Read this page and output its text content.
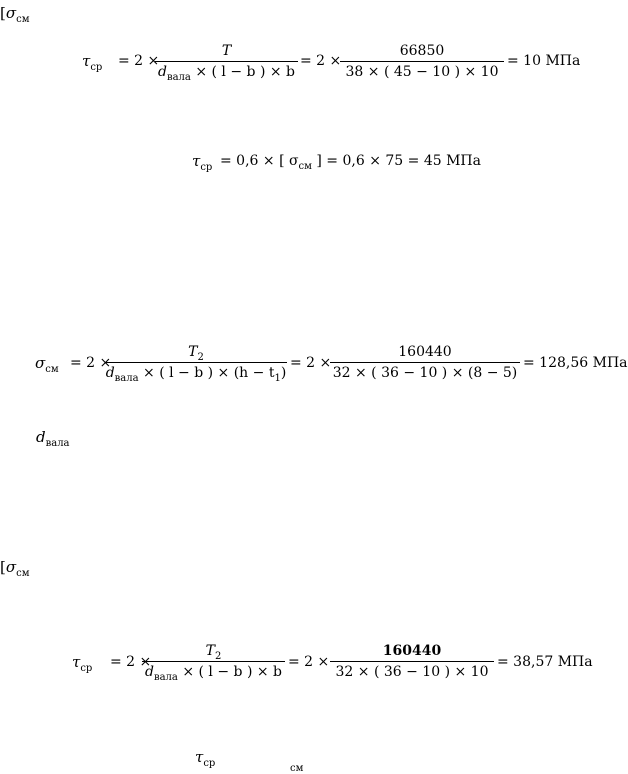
[$\sigma_{см}$
$\tau_{ср} = 2$ ×
T
$d_{вала}$ × ( l − b ) × b
= 2 ×
66850
38 × ( 45 − 10 ) × 10
= 10 МПа
$\tau_{ср} = 0,6$ × [ $\sigma_{см}$ ] = 0,6 × 75 = 45 МПа
$\sigma_{см} = 2$ ×
$T_2$
$d_{вала}$ × ( l − b ) × $(h - t_1)$
= 2 ×
160440
32 × ( 36 − 10 ) × (8 − 5)
= 128,56 МПа
$d_{вала}$
[$\sigma_{см}$
$\tau_{ср} = 2$ ×
$T_2$
$d_{вала}$ × ( l − b ) × b
= 2 ×
160440
32 × ( 36 − 10 ) × 10
= 38,57 МПа
$\tau_{ср}$	$_{см}$
